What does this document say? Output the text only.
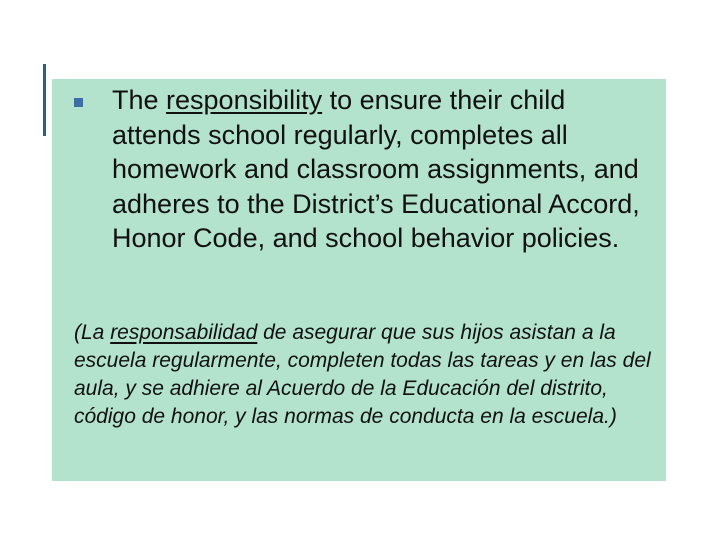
The responsibility to ensure their child attends school regularly, completes all homework and classroom assignments, and adheres to the District’s Educational Accord, Honor Code, and school behavior policies.

(La responsabilidad de asegurar que sus hijos asistan a la escuela regularmente, completen todas las tareas y en las del aula, y se adhiere al Acuerdo de la Educación del distrito, código de honor, y las normas de conducta en la escuela.)
